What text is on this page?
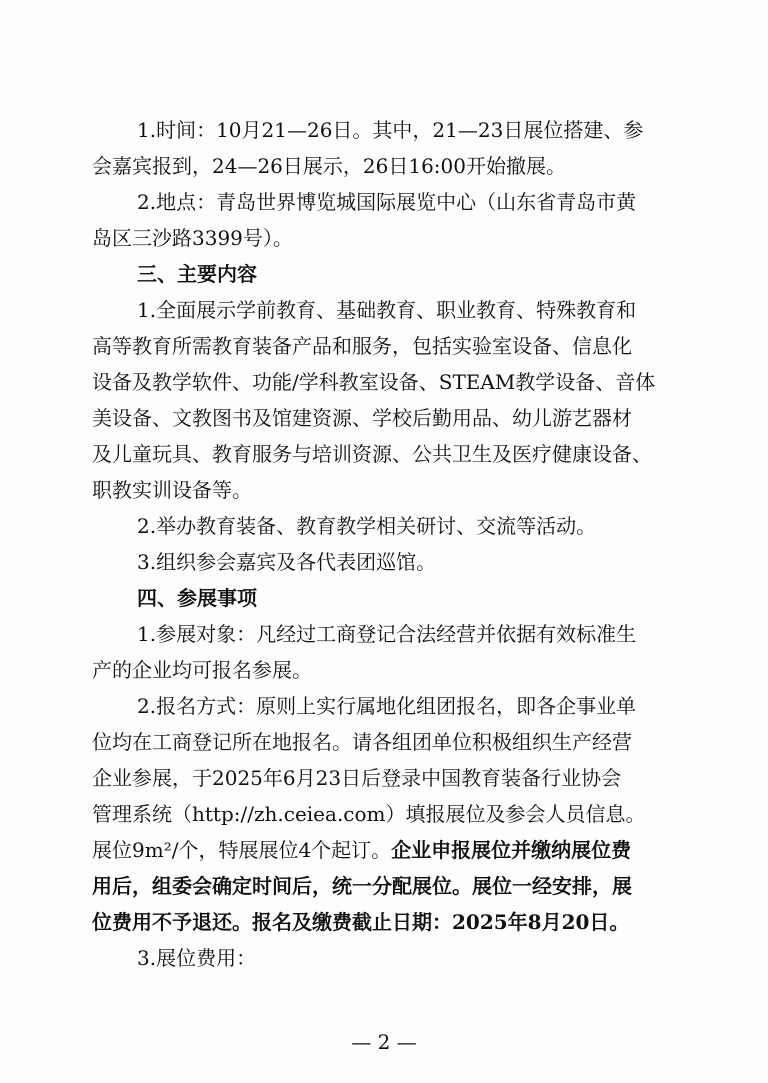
1.时间：10月21—26日。其中，21—23日展位搭建、参
会嘉宾报到，24—26日展示，26日16:00开始撤展。
2.地点：青岛世界博览城国际展览中心（山东省青岛市黄
岛区三沙路3399号）。
三、主要内容
1.全面展示学前教育、基础教育、职业教育、特殊教育和
高等教育所需教育装备产品和服务，包括实验室设备、信息化
设备及教学软件、功能/学科教室设备、STEAM教学设备、音体
美设备、文教图书及馆建资源、学校后勤用品、幼儿游艺器材
及儿童玩具、教育服务与培训资源、公共卫生及医疗健康设备、
职教实训设备等。
2.举办教育装备、教育教学相关研讨、交流等活动。
3.组织参会嘉宾及各代表团巡馆。
四、参展事项
1.参展对象：凡经过工商登记合法经营并依据有效标准生
产的企业均可报名参展。
2.报名方式：原则上实行属地化组团报名，即各企事业单
位均在工商登记所在地报名。请各组团单位积极组织生产经营
企业参展，于2025年6月23日后登录中国教育装备行业协会
管理系统（http://zh.ceiea.com）填报展位及参会人员信息。
展位9m²/个，特展展位4个起订。企业申报展位并缴纳展位费
用后，组委会确定时间后，统一分配展位。展位一经安排，展
位费用不予退还。报名及缴费截止日期：2025年8月20日。
3.展位费用：
— 2 —
